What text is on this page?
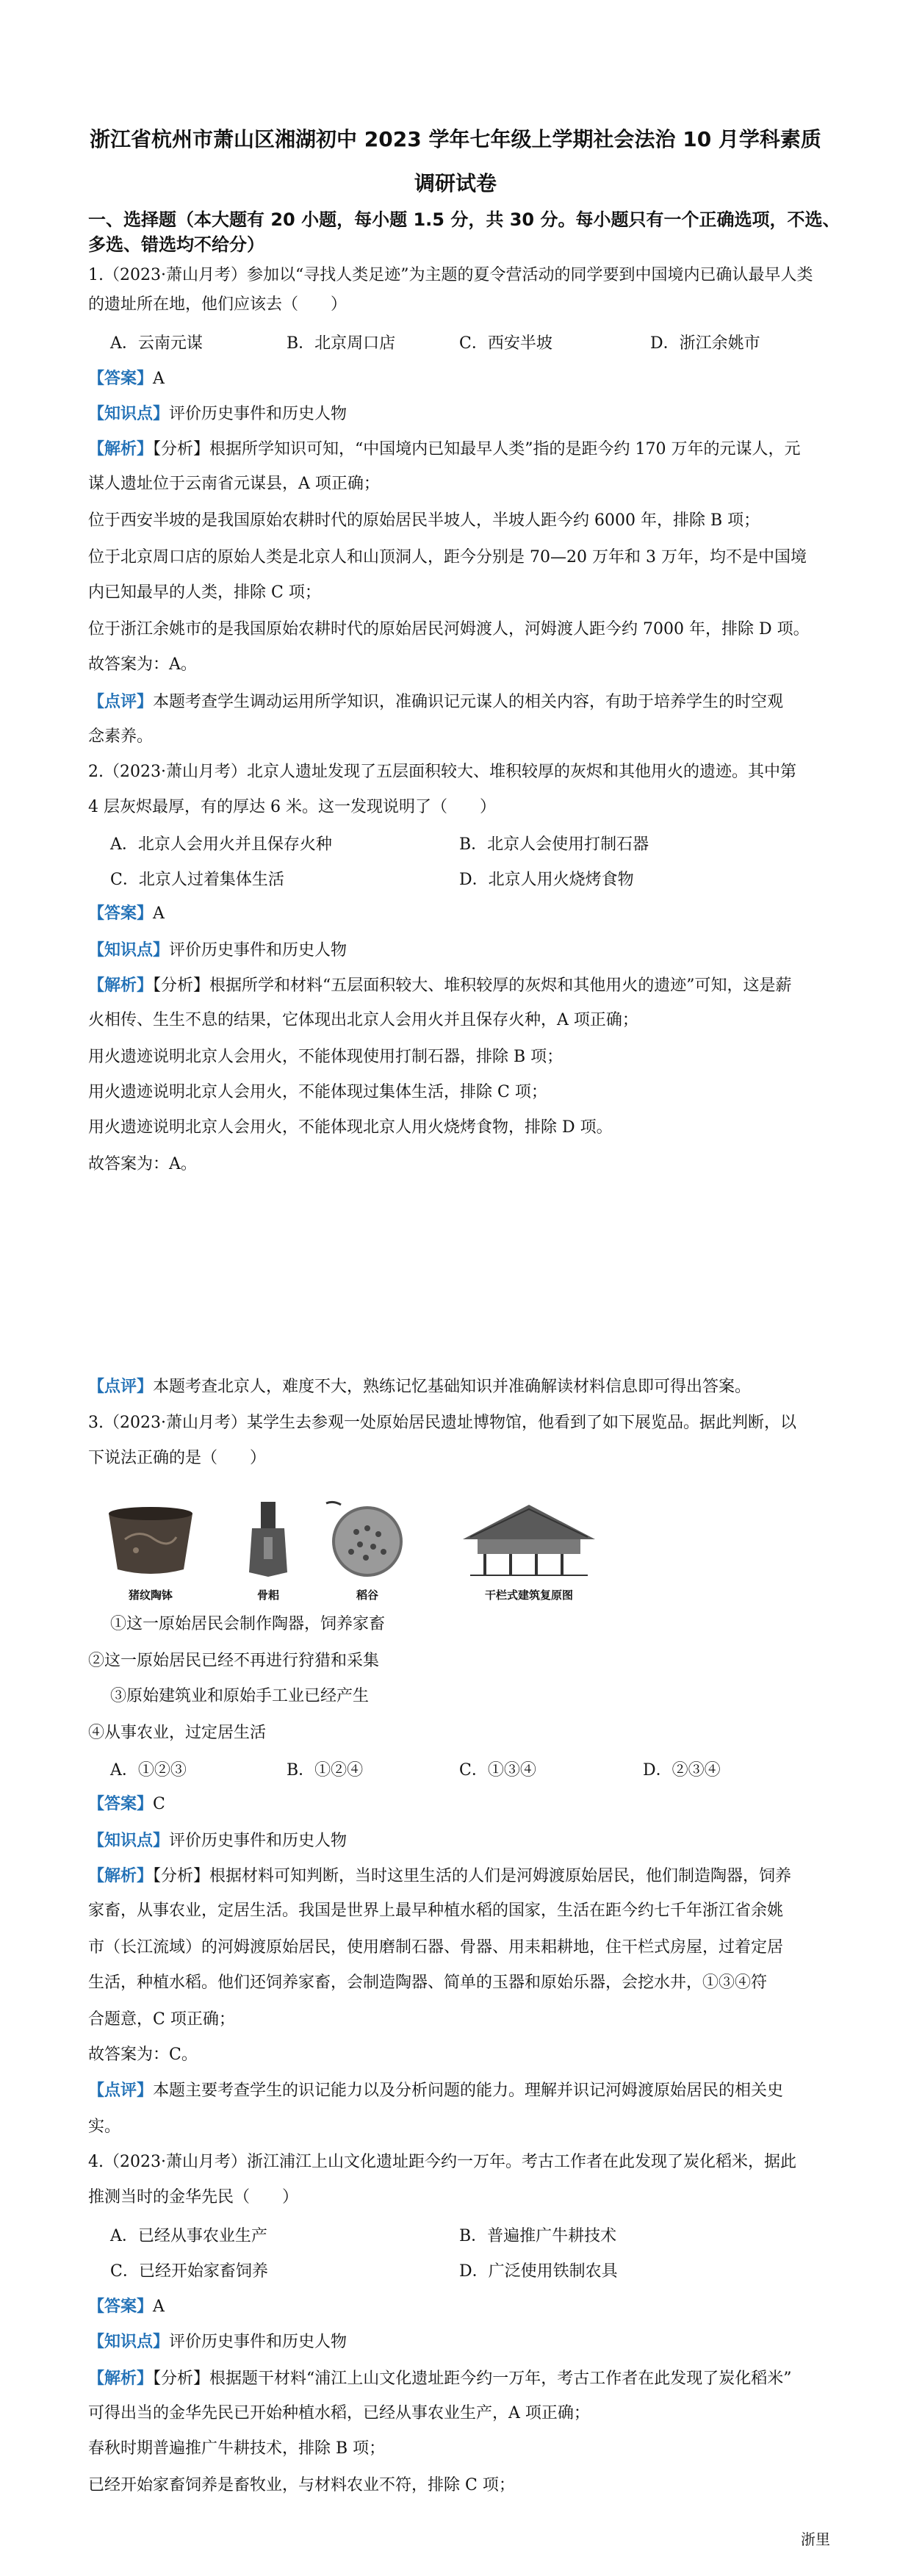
浙江省杭州市萧山区湘湖初中 2023 学年七年级上学期社会法治 10 月学科素质
调研试卷
一、选择题（本大题有 20 小题，每小题 1.5 分，共 30 分。每小题只有一个正确选项，不选、
多选、错选均不给分）
1.（2023·萧山月考）参加以“寻找人类足迹”为主题的夏令营活动的同学要到中国境内已确认最早人类
的遗址所在地，他们应该去（　　）
A．云南元谋	B．北京周口店	C．西安半坡	D．浙江余姚市
【答案】A
【知识点】评价历史事件和历史人物
【解析】【分析】根据所学知识可知，“中国境内已知最早人类”指的是距今约 170 万年的元谋人，元
谋人遗址位于云南省元谋县，A 项正确；
位于西安半坡的是我国原始农耕时代的原始居民半坡人，半坡人距今约 6000 年，排除 B 项；
位于北京周口店的原始人类是北京人和山顶洞人，距今分别是 70—20 万年和 3 万年，均不是中国境
内已知最早的人类，排除 C 项；
位于浙江余姚市的是我国原始农耕时代的原始居民河姆渡人，河姆渡人距今约 7000 年，排除 D 项。
故答案为：A。
【点评】本题考查学生调动运用所学知识，准确识记元谋人的相关内容，有助于培养学生的时空观
念素养。
2.（2023·萧山月考）北京人遗址发现了五层面积较大、堆积较厚的灰烬和其他用火的遗迹。其中第
4 层灰烬最厚，有的厚达 6 米。这一发现说明了（　　）
A．北京人会用火并且保存火种	B．北京人会使用打制石器
C．北京人过着集体生活	D．北京人用火烧烤食物
【答案】A
【知识点】评价历史事件和历史人物
【解析】【分析】根据所学和材料“五层面积较大、堆积较厚的灰烬和其他用火的遗迹”可知，这是薪
火相传、生生不息的结果，它体现出北京人会用火并且保存火种，A 项正确；
用火遗迹说明北京人会用火，不能体现使用打制石器，排除 B 项；
用火遗迹说明北京人会用火，不能体现过集体生活，排除 C 项；
用火遗迹说明北京人会用火，不能体现北京人用火烧烤食物，排除 D 项。
故答案为：A。
【点评】本题考查北京人，难度不大，熟练记忆基础知识并准确解读材料信息即可得出答案。
3.（2023·萧山月考）某学生去参观一处原始居民遗址博物馆，他看到了如下展览品。据此判断，以
下说法正确的是（　　）
猪纹陶钵	骨耜	稻谷	干栏式建筑复原图
①这一原始居民会制作陶器，饲养家畜
②这一原始居民已经不再进行狩猎和采集
③原始建筑业和原始手工业已经产生
④从事农业，过定居生活
A．①②③	B．①②④	C．①③④	D．②③④
【答案】C
【知识点】评价历史事件和历史人物
【解析】【分析】根据材料可知判断，当时这里生活的人们是河姆渡原始居民，他们制造陶器，饲养
家畜，从事农业，定居生活。我国是世界上最早种植水稻的国家，生活在距今约七千年浙江省余姚
市（长江流域）的河姆渡原始居民，使用磨制石器、骨器、用耒耜耕地，住干栏式房屋，过着定居
生活，种植水稻。他们还饲养家畜，会制造陶器、简单的玉器和原始乐器，会挖水井，①③④符
合题意，C 项正确；
故答案为：C。
【点评】本题主要考查学生的识记能力以及分析问题的能力。理解并识记河姆渡原始居民的相关史
实。
4.（2023·萧山月考）浙江浦江上山文化遗址距今约一万年。考古工作者在此发现了炭化稻米，据此
推测当时的金华先民（　　）
A．已经从事农业生产	B．普遍推广牛耕技术
C．已经开始家畜饲养	D．广泛使用铁制农具
【答案】A
【知识点】评价历史事件和历史人物
【解析】【分析】根据题干材料“浦江上山文化遗址距今约一万年，考古工作者在此发现了炭化稻米”
可得出当的金华先民已开始种植水稻，已经从事农业生产，A 项正确；
春秋时期普遍推广牛耕技术，排除 B 项；
已经开始家畜饲养是畜牧业，与材料农业不符，排除 C 项；
浙里
